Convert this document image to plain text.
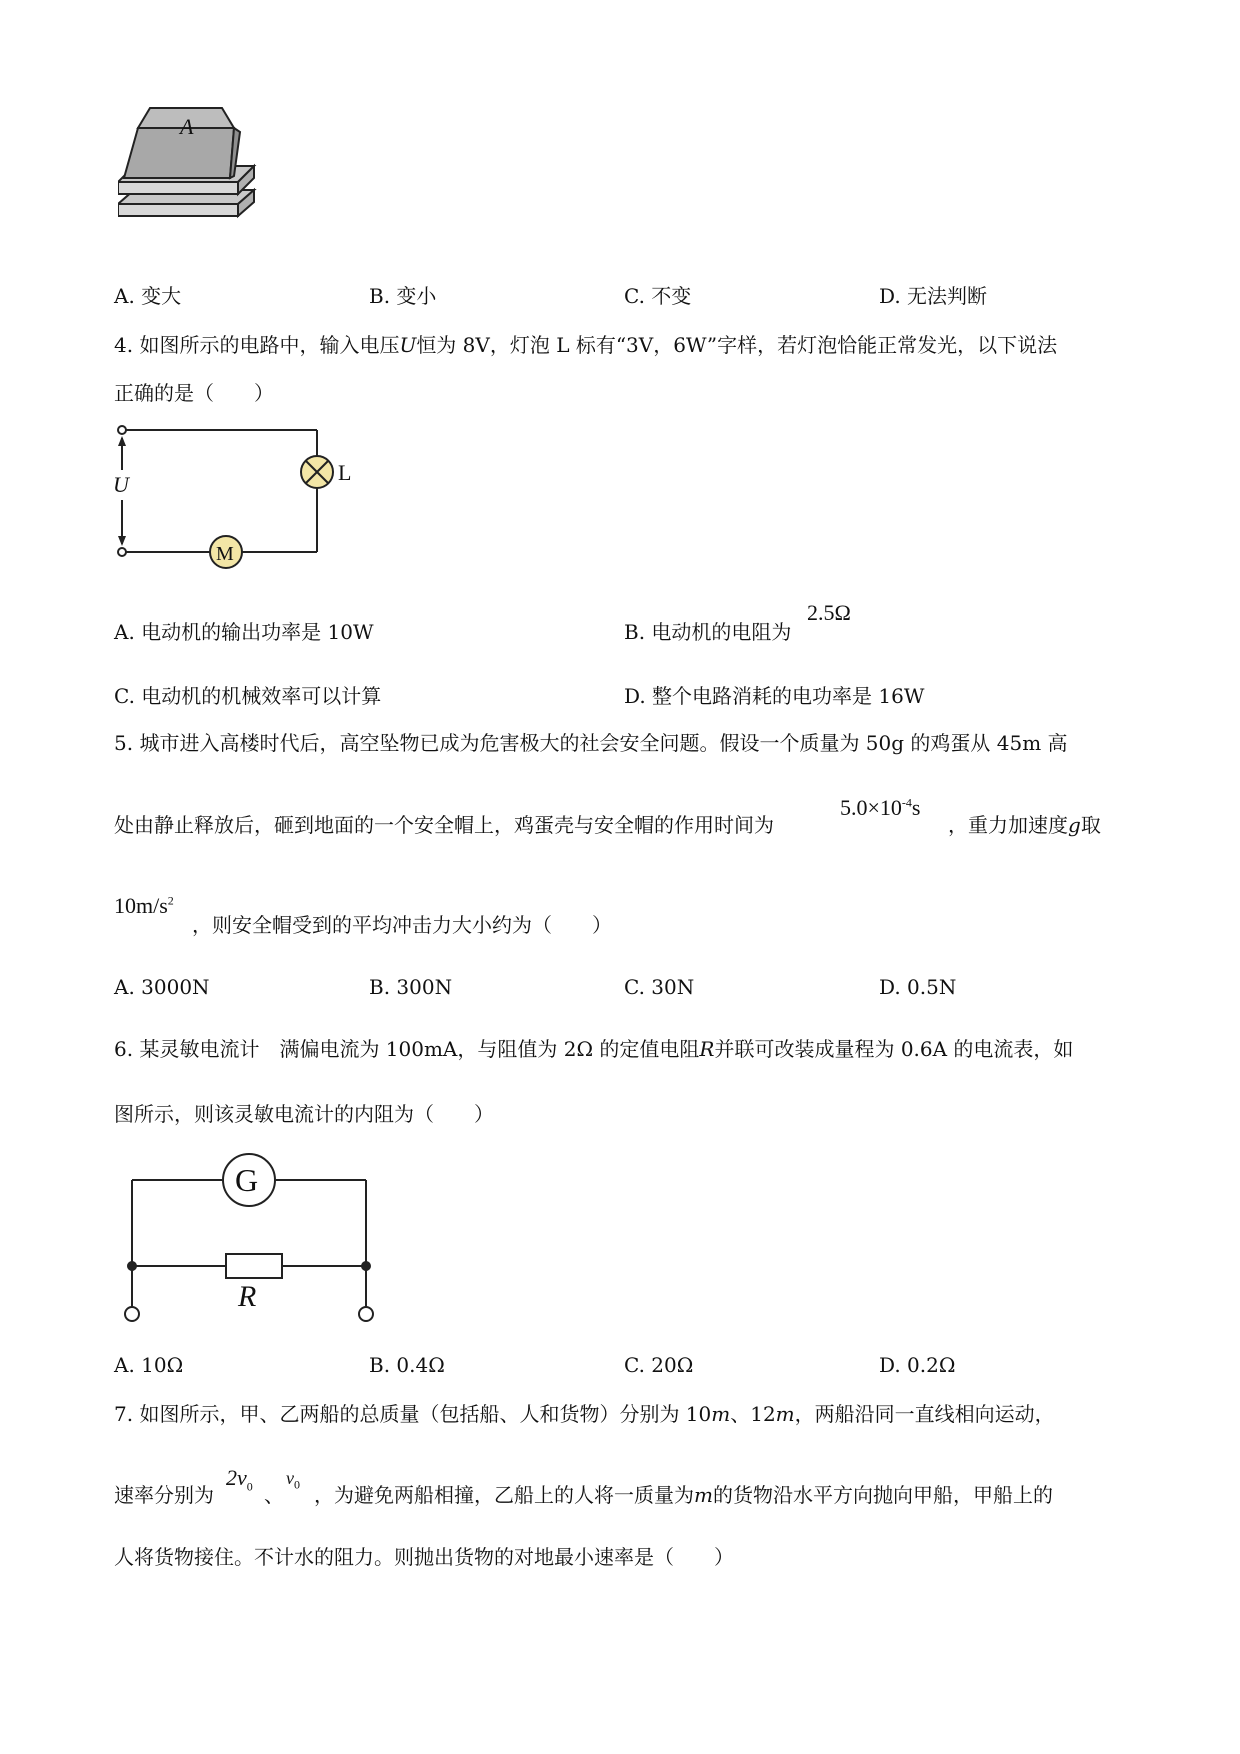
A
A. 变大	B. 变小	C. 不变	D. 无法判断
4. 如图所示的电路中，输入电压U恒为 8V，灯泡 L 标有“3V，6W”字样，若灯泡恰能正常发光，以下说法
正确的是（　　）
U	L
M
A. 电动机的输出功率是 10W	B. 电动机的电阻为
2.5Ω
C. 电动机的机械效率可以计算	D. 整个电路消耗的电功率是 16W
5. 城市进入高楼时代后，高空坠物已成为危害极大的社会安全问题。假设一个质量为 50g 的鸡蛋从 45m 高
处由静止释放后，砸到地面的一个安全帽上，鸡蛋壳与安全帽的作用时间为
$5.0\times 10^{-4}s$
，重力加速度g取
$10m/s^2$
，则安全帽受到的平均冲击力大小约为（　　）
A. 3000N	B. 300N	C. 30N	D. 0.5N
6. 某灵敏电流计　满偏电流为 100mA，与阻值为 2Ω 的定值电阻R并联可改装成量程为 0.6A 的电流表，如
图所示，则该灵敏电流计的内阻为（　　）
G
R
A. 10Ω	B. 0.4Ω	C. 20Ω	D. 0.2Ω
7. 如图所示，甲、乙两船的总质量（包括船、人和货物）分别为 10m、12m，两船沿同一直线相向运动，
速率分别为
$2v_0$ 、
$v_0$ ，为避免两船相撞，乙船上的人将一质量为m的货物沿水平方向抛向甲船，甲船上的
人将货物接住。不计水的阻力。则抛出货物的对地最小速率是（　　）
